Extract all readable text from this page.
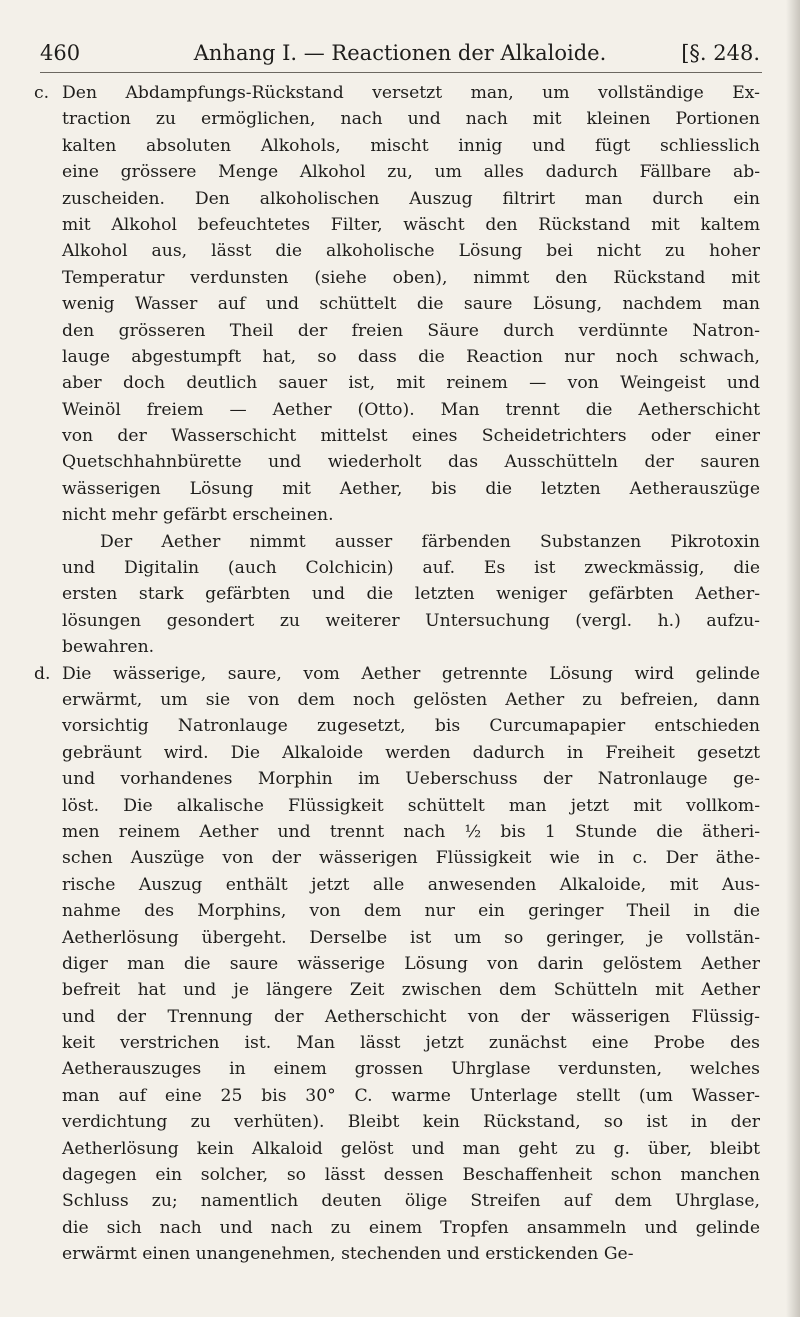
Anhang I. — Reactionen der Alkaloide.
460	[§. 248.
c. Den Abdampfungs-Rückstand versetzt man, um vollständige Ex-
traction zu ermöglichen, nach und nach mit kleinen Portionen
kalten absoluten Alkohols, mischt innig und fügt schliesslich
eine grössere Menge Alkohol zu, um alles dadurch Fällbare ab-
zuscheiden. Den alkoholischen Auszug filtrirt man durch ein
mit Alkohol befeuchtetes Filter, wäscht den Rückstand mit kaltem
Alkohol aus, lässt die alkoholische Lösung bei nicht zu hoher
Temperatur verdunsten (siehe oben), nimmt den Rückstand mit
wenig Wasser auf und schüttelt die saure Lösung, nachdem man
den grösseren Theil der freien Säure durch verdünnte Natron-
lauge abgestumpft hat, so dass die Reaction nur noch schwach,
aber doch deutlich sauer ist, mit reinem — von Weingeist und
Weinöl freiem — Aether (Otto). Man trennt die Aetherschicht
von der Wasserschicht mittelst eines Scheidetrichters oder einer
Quetschhahnbürette und wiederholt das Ausschütteln der sauren
wässerigen Lösung mit Aether, bis die letzten Aetherauszüge
nicht mehr gefärbt erscheinen.
Der Aether nimmt ausser färbenden Substanzen Pikrotoxin
und Digitalin (auch Colchicin) auf. Es ist zweckmässig, die
ersten stark gefärbten und die letzten weniger gefärbten Aether-
lösungen gesondert zu weiterer Untersuchung (vergl. h.) aufzu-
bewahren.
d. Die wässerige, saure, vom Aether getrennte Lösung wird gelinde
erwärmt, um sie von dem noch gelösten Aether zu befreien, dann
vorsichtig Natronlauge zugesetzt, bis Curcumapapier entschieden
gebräunt wird. Die Alkaloide werden dadurch in Freiheit gesetzt
und vorhandenes Morphin im Ueberschuss der Natronlauge ge-
löst. Die alkalische Flüssigkeit schüttelt man jetzt mit vollkom-
men reinem Aether und trennt nach ½ bis 1 Stunde die ätheri-
schen Auszüge von der wässerigen Flüssigkeit wie in c. Der äthe-
rische Auszug enthält jetzt alle anwesenden Alkaloide, mit Aus-
nahme des Morphins, von dem nur ein geringer Theil in die
Aetherlösung übergeht. Derselbe ist um so geringer, je vollstän-
diger man die saure wässerige Lösung von darin gelöstem Aether
befreit hat und je längere Zeit zwischen dem Schütteln mit Aether
und der Trennung der Aetherschicht von der wässerigen Flüssig-
keit verstrichen ist. Man lässt jetzt zunächst eine Probe des
Aetherauszuges in einem grossen Uhrglase verdunsten, welches
man auf eine 25 bis 30° C. warme Unterlage stellt (um Wasser-
verdichtung zu verhüten). Bleibt kein Rückstand, so ist in der
Aetherlösung kein Alkaloid gelöst und man geht zu g. über, bleibt
dagegen ein solcher, so lässt dessen Beschaffenheit schon manchen
Schluss zu; namentlich deuten ölige Streifen auf dem Uhrglase,
die sich nach und nach zu einem Tropfen ansammeln und gelinde
erwärmt einen unangenehmen, stechenden und erstickenden Ge-
